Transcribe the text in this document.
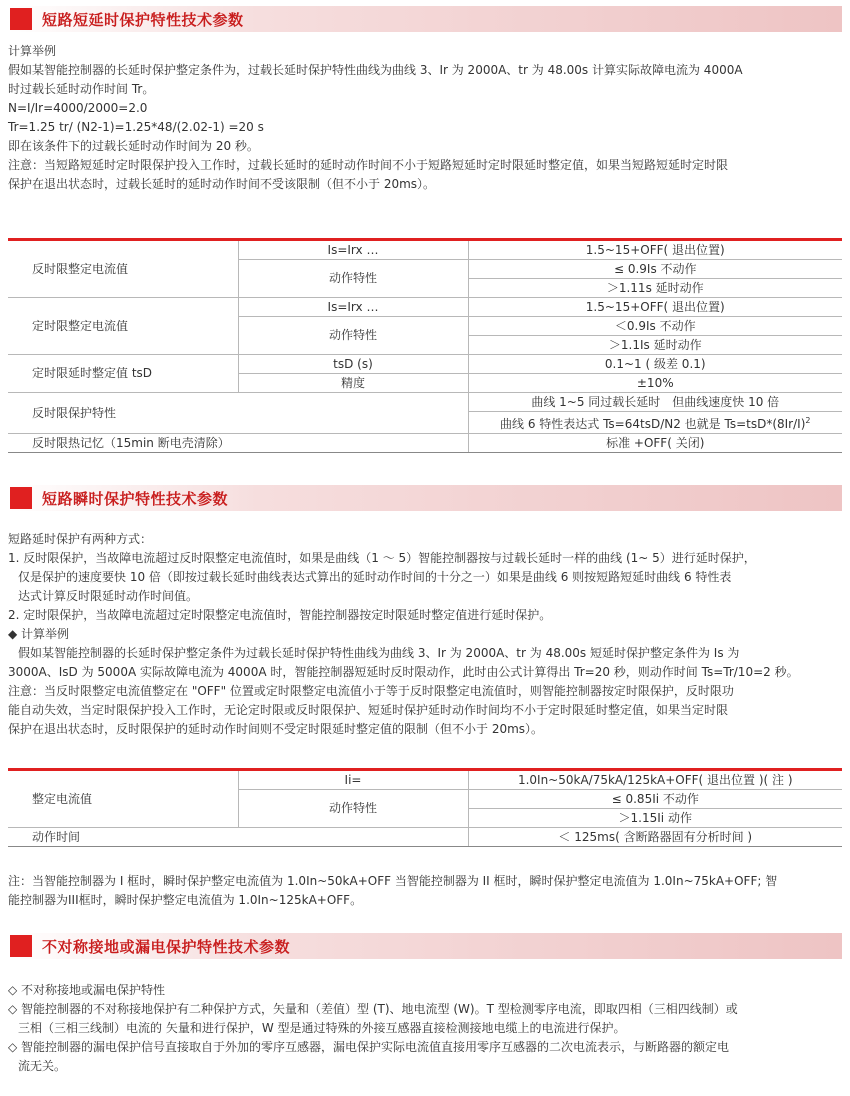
短路短延时保护特性技术参数

计算举例

假如某智能控制器的长延时保护整定条件为，过载长延时保护特性曲线为曲线 3、Ir 为 2000A、tr 为 48.00s 计算实际故障电流为 4000A

时过载长延时动作时间 Tr。

N=I/Ir=4000/2000=2.0

Tr=1.25 tr/ (N2-1)=1.25*48/(2.02-1) =20 s

即在该条件下的过载长延时动作时间为 20 秒。

注意：当短路短延时定时限保护投入工作时，过载长延时的延时动作时间不小于短路短延时定时限延时整定值，如果当短路短延时定时限

保护在退出状态时，过载长延时的延时动作时间不受该限制（但不小于 20ms）。

反时限整定电流值	Is=Irx …	1.5~15+OFF( 退出位置)
	动作特性	≤ 0.9Is 不动作
		＞1.11s 延时动作
定时限整定电流值	Is=Irx …	1.5~15+OFF( 退出位置)
	动作特性	＜0.9Is 不动作
		＞1.1Is 延时动作
定时限延时整定值 tsD	tsD (s)	0.1~1 ( 级差 0.1)
	精度	±10%
反时限保护特性		曲线 1~5 同过载长延时　但曲线速度快 10 倍
		曲线 6 特性表达式 Ts=64tsD/N2 也就是 $Ts=tsD*(8Ir/I)^2$
反时限热记忆（15min 断电壳清除）		标准 +OFF( 关闭)
短路瞬时保护特性技术参数

短路延时保护有两种方式：

1. 反时限保护，当故障电流超过反时限整定电流值时，如果是曲线（1 ～ 5）智能控制器按与过载长延时一样的曲线 (1~ 5）进行延时保护，

仅是保护的速度要快 10 倍（即按过载长延时曲线表达式算出的延时动作时间的十分之一）如果是曲线 6 则按短路短延时曲线 6 特性表

达式计算反时限延时动作时间值。

2. 定时限保护，当故障电流超过定时限整定电流值时，智能控制器按定时限延时整定值进行延时保护。

◆ 计算举例

假如某智能控制器的长延时保护整定条件为过载长延时保护特性曲线为曲线 3、Ir 为 2000A、tr 为 48.00s 短延时保护整定条件为 Is 为

3000A、IsD 为 5000A 实际故障电流为 4000A 时，智能控制器短延时反时限动作，此时由公式计算得出 Tr=20 秒，则动作时间 Ts=Tr/10=2 秒。

注意：当反时限整定电流值整定在 "OFF" 位置或定时限整定电流值小于等于反时限整定电流值时，则智能控制器按定时限保护，反时限功

能自动失效，当定时限保护投入工作时，无论定时限或反时限保护、短延时保护延时动作时间均不小于定时限延时整定值，如果当定时限

保护在退出状态时，反时限保护的延时动作时间则不受定时限延时整定值的限制（但不小于 20ms）。

整定电流值	Ii=	1.0In~50kA/75kA/125kA+OFF( 退出位置 )( 注 )
	动作特性	≤ 0.85Ii 不动作
		＞1.15Ii 动作
动作时间		＜ 125ms( 含断路器固有分析时间 )

注：当智能控制器为 I 框时，瞬时保护整定电流值为 1.0In~50kA+OFF 当智能控制器为 II 框时，瞬时保护整定电流值为 1.0In~75kA+OFF; 智

能控制器为III框时，瞬时保护整定电流值为 1.0In~125kA+OFF。

不对称接地或漏电保护特性技术参数

◇ 不对称接地或漏电保护特性

◇ 智能控制器的不对称接地保护有二种保护方式，矢量和（差值）型 (T)、地电流型 (W)。T 型检测零序电流，即取四相（三相四线制）或

三相（三相三线制）电流的 矢量和进行保护，W 型是通过特殊的外接互感器直接检测接地电缆上的电流进行保护。

◇ 智能控制器的漏电保护信号直接取自于外加的零序互感器，漏电保护实际电流值直接用零序互感器的二次电流表示，与断路器的额定电

流无关。
